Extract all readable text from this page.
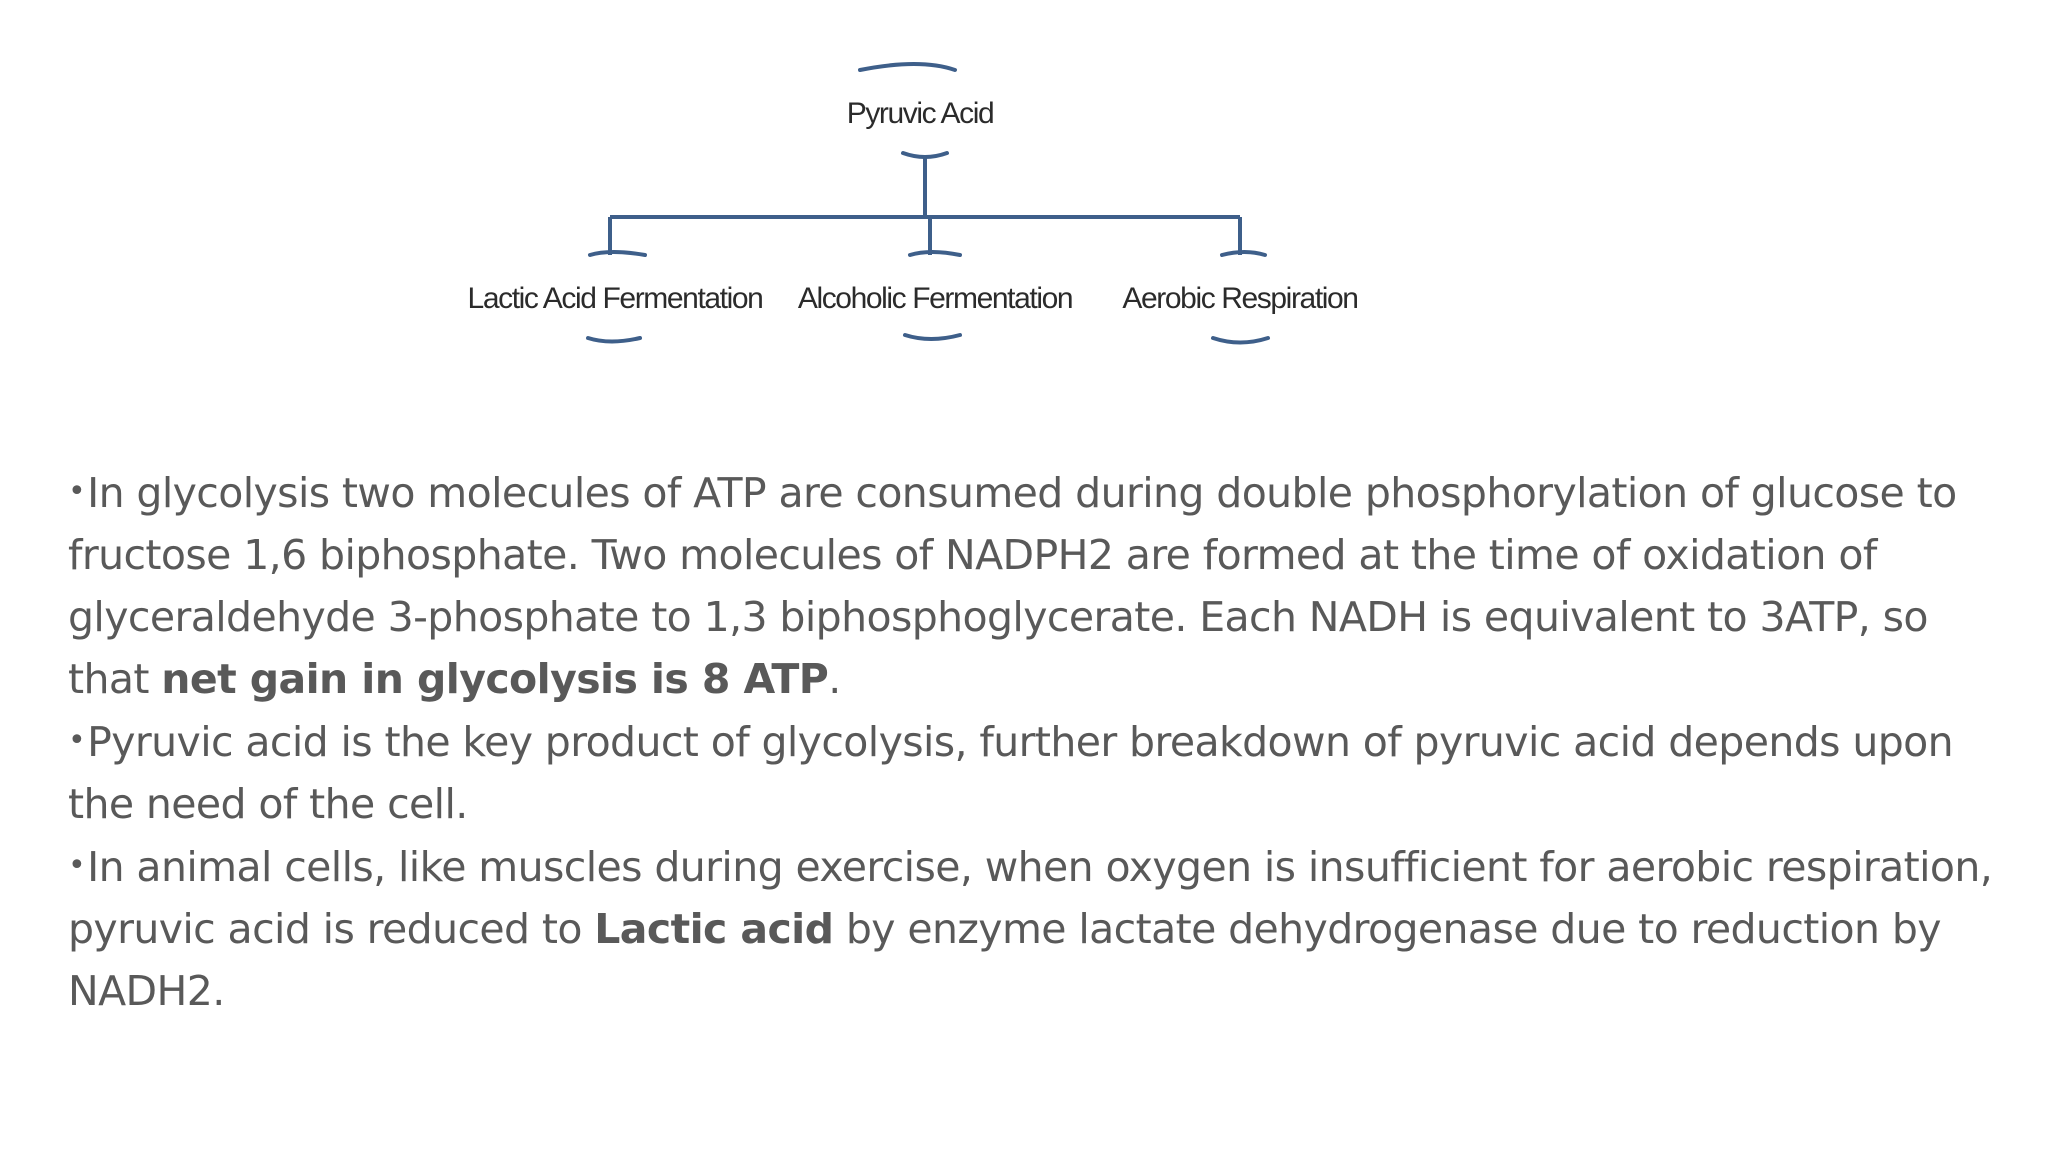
Pyruvic Acid
Lactic Acid Fermentation Alcoholic Fermentation Aerobic Respiration

•In glycolysis two molecules of ATP are consumed during double phosphorylation of glucose to fructose 1,6 biphosphate. Two molecules of NADPH2 are formed at the time of oxidation of glyceraldehyde 3-phosphate to 1,3 biphosphoglycerate. Each NADH is equivalent to 3ATP, so that net gain in glycolysis is 8 ATP.

•Pyruvic acid is the key product of glycolysis, further breakdown of pyruvic acid depends upon the need of the cell.

•In animal cells, like muscles during exercise, when oxygen is insufficient for aerobic respiration, pyruvic acid is reduced to Lactic acid by enzyme lactate dehydrogenase due to reduction by NADH2.
